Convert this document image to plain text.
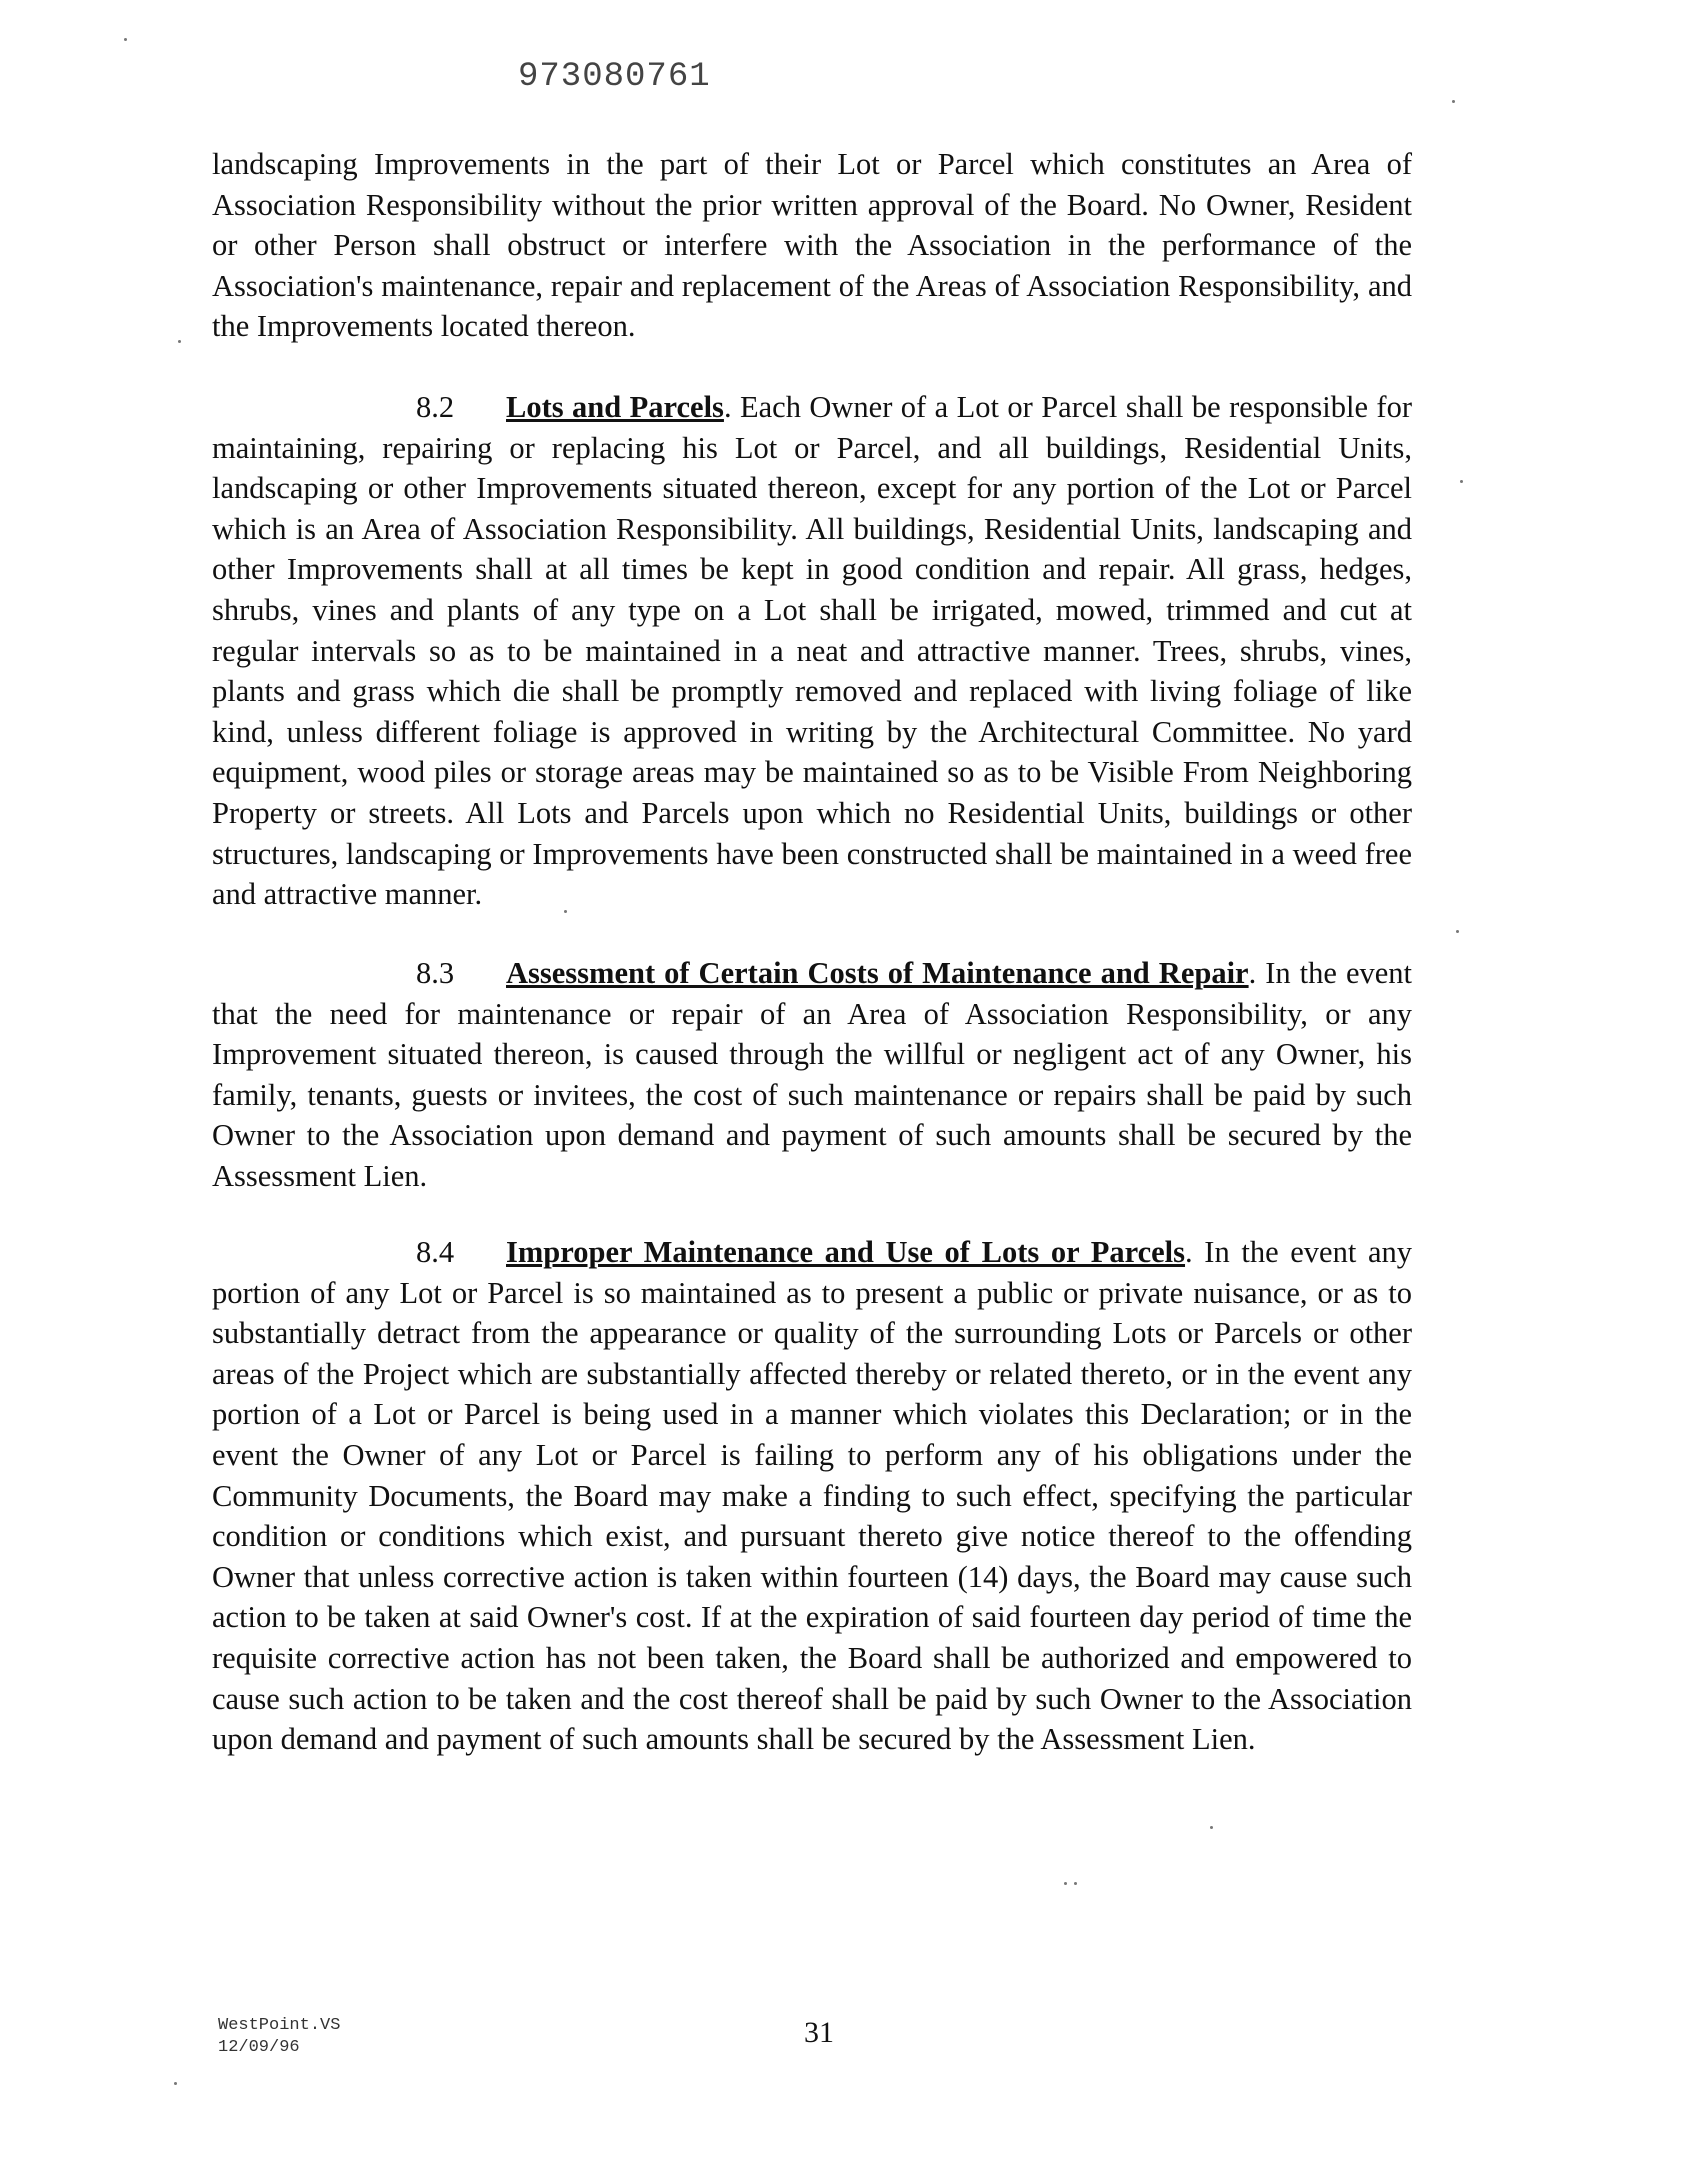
973080761

landscaping Improvements in the part of their Lot or Parcel which constitutes an Area of Association Responsibility without the prior written approval of the Board. No Owner, Resident or other Person shall obstruct or interfere with the Association in the performance of the Association's maintenance, repair and replacement of the Areas of Association Responsibility, and the Improvements located thereon.

8.2 Lots and Parcels. Each Owner of a Lot or Parcel shall be responsible for maintaining, repairing or replacing his Lot or Parcel, and all buildings, Residential Units, landscaping or other Improvements situated thereon, except for any portion of the Lot or Parcel which is an Area of Association Responsibility. All buildings, Residential Units, landscaping and other Improvements shall at all times be kept in good condition and repair. All grass, hedges, shrubs, vines and plants of any type on a Lot shall be irrigated, mowed, trimmed and cut at regular intervals so as to be maintained in a neat and attractive manner. Trees, shrubs, vines, plants and grass which die shall be promptly removed and replaced with living foliage of like kind, unless different foliage is approved in writing by the Architectural Committee. No yard equipment, wood piles or storage areas may be maintained so as to be Visible From Neighboring Property or streets. All Lots and Parcels upon which no Residential Units, buildings or other structures, landscaping or Improvements have been constructed shall be maintained in a weed free and attractive manner.

8.3 Assessment of Certain Costs of Maintenance and Repair. In the event that the need for maintenance or repair of an Area of Association Responsibility, or any Improvement situated thereon, is caused through the willful or negligent act of any Owner, his family, tenants, guests or invitees, the cost of such maintenance or repairs shall be paid by such Owner to the Association upon demand and payment of such amounts shall be secured by the Assessment Lien.

8.4 Improper Maintenance and Use of Lots or Parcels. In the event any portion of any Lot or Parcel is so maintained as to present a public or private nuisance, or as to substantially detract from the appearance or quality of the surrounding Lots or Parcels or other areas of the Project which are substantially affected thereby or related thereto, or in the event any portion of a Lot or Parcel is being used in a manner which violates this Declaration; or in the event the Owner of any Lot or Parcel is failing to perform any of his obligations under the Community Documents, the Board may make a finding to such effect, specifying the particular condition or conditions which exist, and pursuant thereto give notice thereof to the offending Owner that unless corrective action is taken within fourteen (14) days, the Board may cause such action to be taken at said Owner's cost. If at the expiration of said fourteen day period of time the requisite corrective action has not been taken, the Board shall be authorized and empowered to cause such action to be taken and the cost thereof shall be paid by such Owner to the Association upon demand and payment of such amounts shall be secured by the Assessment Lien.

WestPoint.VS
12/09/96	31
